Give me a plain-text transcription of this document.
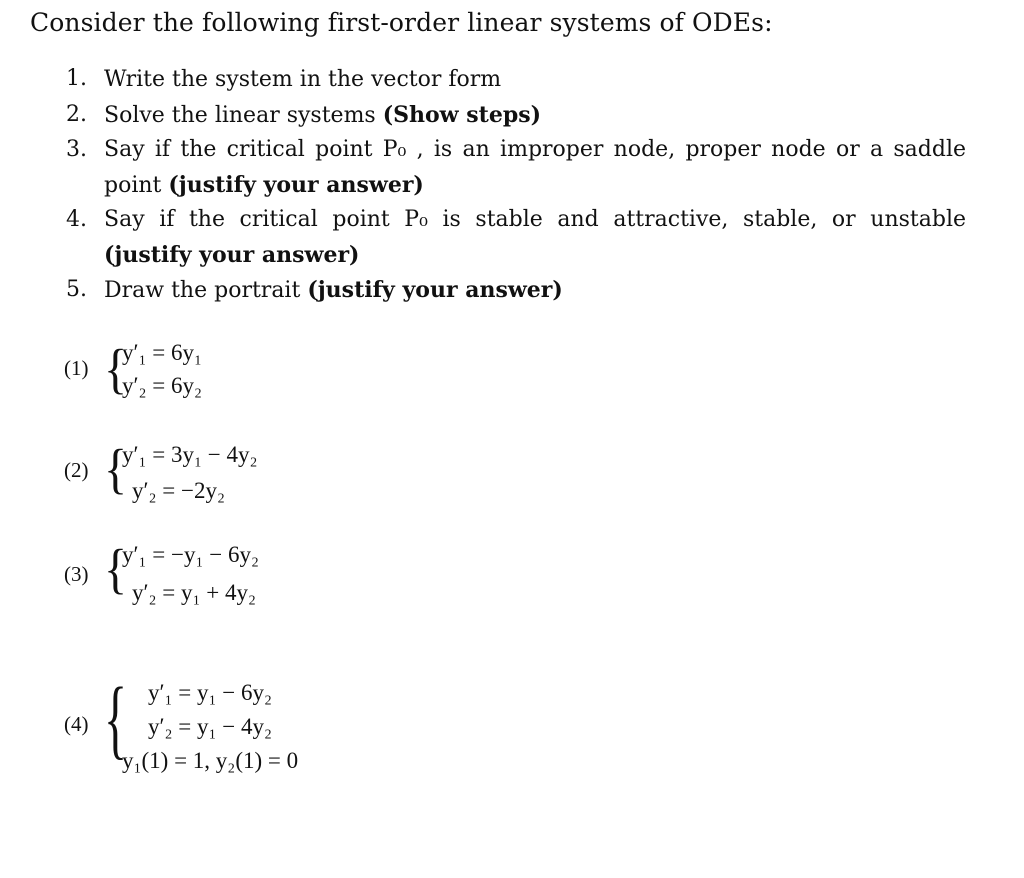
Consider the following first-order linear systems of ODEs:
1. Write the system in the vector form
2. Solve the linear systems (Show steps)
3. Say if the critical point P₀ , is an improper node, proper node or a saddle point (justify your answer)
4. Say if the critical point P₀ is stable and attractive, stable, or unstable (justify your answer)
5. Draw the portrait (justify your answer)
(1) {
y′₁ = 6y₁
y′₂ = 6y₂
(2) {
y′₁ = 3y₁ − 4y₂
y′₂ = −2y₂
(3) {
y′₁ = −y₁ − 6y₂
y′₂ = y₁ + 4y₂
(4) { y′₁ = y₁ − 6y₂
y′₂ = y₁ − 4y₂
y₁(1) = 1, y₂(1) = 0
